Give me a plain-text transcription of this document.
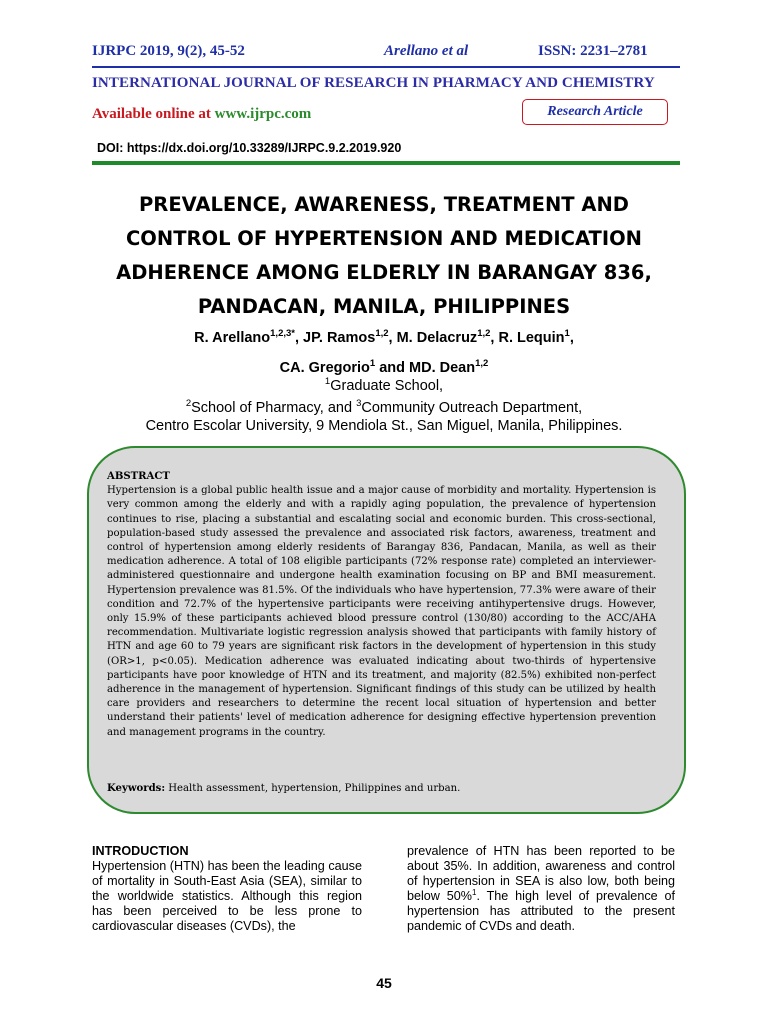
IJRPC 2019, 9(2), 45-52	Arellano et al	ISSN: 2231–2781
INTERNATIONAL JOURNAL OF RESEARCH IN PHARMACY AND CHEMISTRY
Available online at www.ijrpc.com	Research Article
DOI: https://dx.doi.org/10.33289/IJRPC.9.2.2019.920
PREVALENCE, AWARENESS, TREATMENT AND
CONTROL OF HYPERTENSION AND MEDICATION
ADHERENCE AMONG ELDERLY IN BARANGAY 836,
PANDACAN, MANILA, PHILIPPINES
R. Arellano$^{1,2,3*}$, JP. Ramos$^{1,2}$, M. Delacruz$^{1,2}$, R. Lequin$^1$,
CA. Gregorio$^1$ and MD. Dean$^{1,2}$
$^1$Graduate School,
$^2$School of Pharmacy, and $^3$Community Outreach Department,
Centro Escolar University, 9 Mendiola St., San Miguel, Manila, Philippines.

ABSTRACT

Hypertension is a global public health issue and a major cause of morbidity and mortality. Hypertension is very common among the elderly and with a rapidly aging population, the prevalence of hypertension continues to rise, placing a substantial and escalating social and economic burden. This cross-sectional, population-based study assessed the prevalence and associated risk factors, awareness, treatment and control of hypertension among elderly residents of Barangay 836, Pandacan, Manila, as well as their medication adherence. A total of 108 eligible participants (72% response rate) completed an interviewer-administered questionnaire and undergone health examination focusing on BP and BMI measurement. Hypertension prevalence was 81.5%. Of the individuals who have hypertension, 77.3% were aware of their condition and 72.7% of the hypertensive participants were receiving antihypertensive drugs. However, only 15.9% of these participants achieved blood pressure control (130/80) according to the ACC/AHA recommendation. Multivariate logistic regression analysis showed that participants with family history of HTN and age 60 to 79 years are significant risk factors in the development of hypertension in this study (OR>1, p<0.05). Medication adherence was evaluated indicating about two-thirds of hypertensive participants have poor knowledge of HTN and its treatment, and majority (82.5%) exhibited non-perfect adherence in the management of hypertension. Significant findings of this study can be utilized by health care providers and researchers to determine the recent local situation of hypertension and better understand their patients' level of medication adherence for designing effective hypertension prevention and management programs in the country.

Keywords: Health assessment, hypertension, Philippines and urban.
INTRODUCTION
Hypertension (HTN) has been the leading cause of mortality in South-East Asia (SEA), similar to the worldwide statistics. Although this region has been perceived to be less prone to cardiovascular diseases (CVDs), the
prevalence of HTN has been reported to be about 35%. In addition, awareness and control of hypertension in SEA is also low, both being below 50%$^1$. The high level of prevalence of hypertension has attributed to the present pandemic of CVDs and death.
45
